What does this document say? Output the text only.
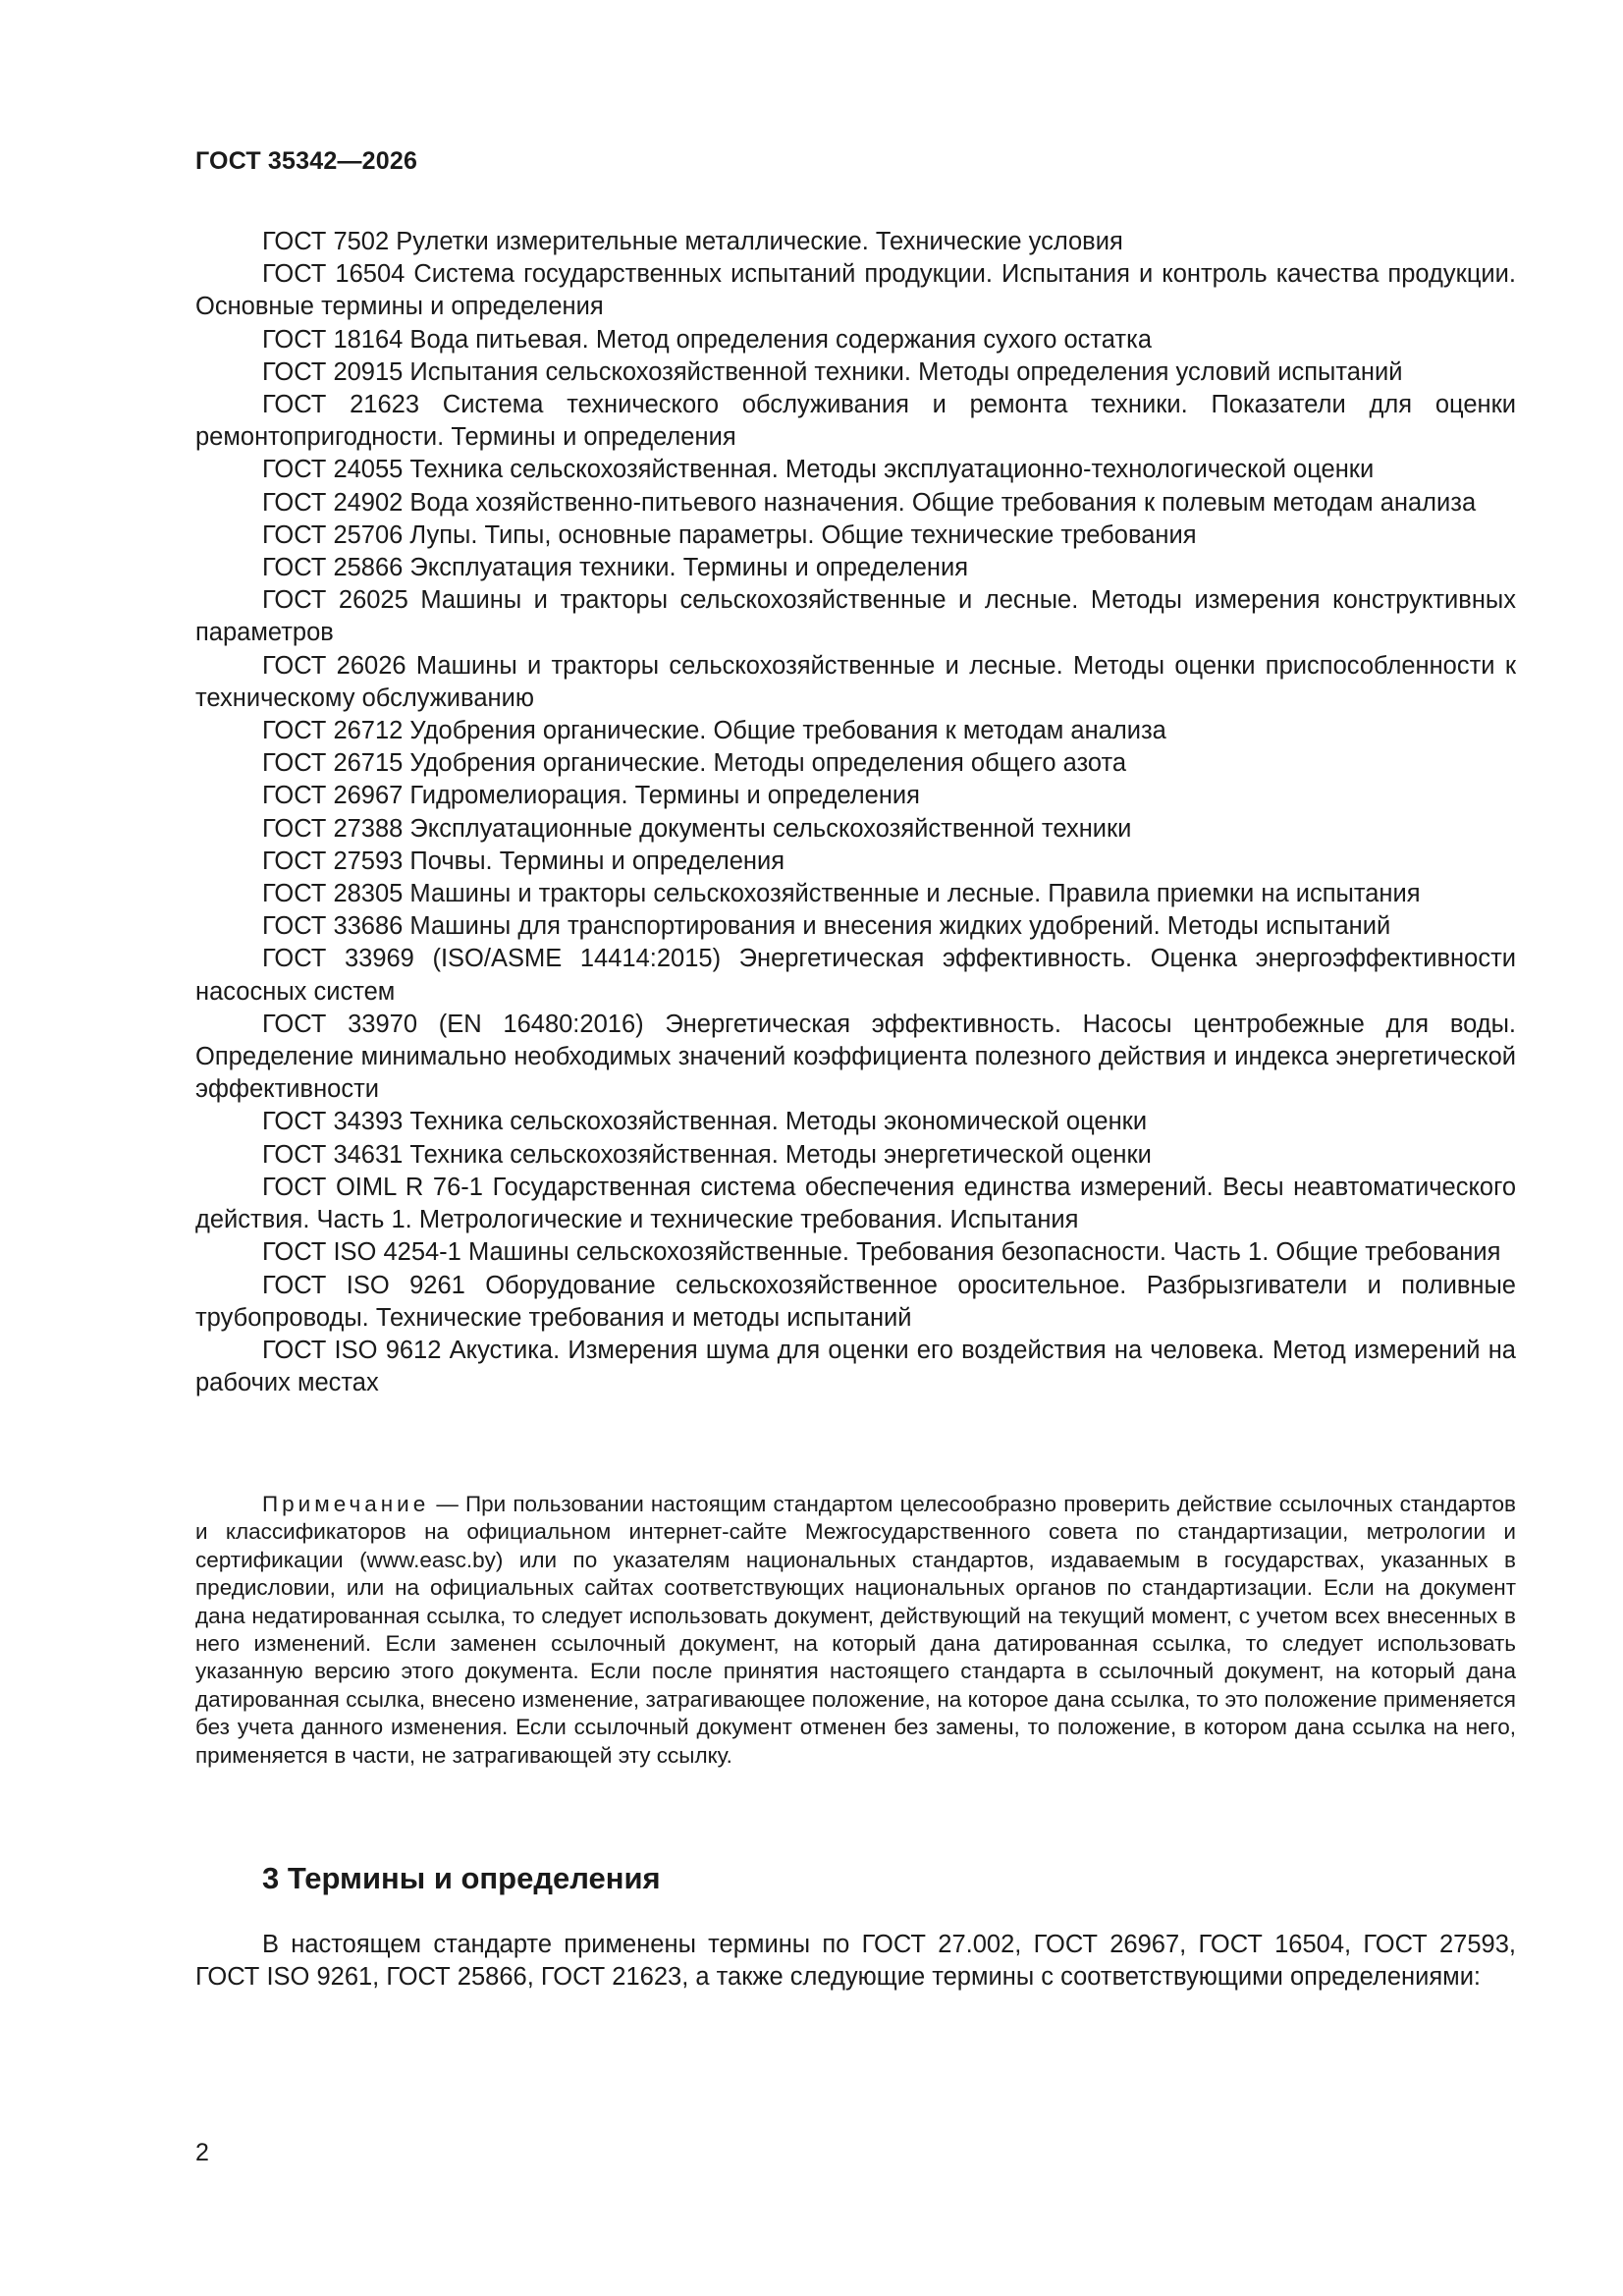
ГОСТ 35342—2026

ГОСТ 7502 Рулетки измерительные металлические. Технические условия

ГОСТ 16504 Система государственных испытаний продукции. Испытания и контроль качества продукции. Основные термины и определения

ГОСТ 18164 Вода питьевая. Метод определения содержания сухого остатка

ГОСТ 20915 Испытания сельскохозяйственной техники. Методы определения условий испытаний

ГОСТ 21623 Система технического обслуживания и ремонта техники. Показатели для оценки ремонтопригодности. Термины и определения

ГОСТ 24055 Техника сельскохозяйственная. Методы эксплуатационно-технологической оценки

ГОСТ 24902 Вода хозяйственно-питьевого назначения. Общие требования к полевым методам анализа

ГОСТ 25706 Лупы. Типы, основные параметры. Общие технические требования

ГОСТ 25866 Эксплуатация техники. Термины и определения

ГОСТ 26025 Машины и тракторы сельскохозяйственные и лесные. Методы измерения конструктивных параметров

ГОСТ 26026 Машины и тракторы сельскохозяйственные и лесные. Методы оценки приспособленности к техническому обслуживанию

ГОСТ 26712 Удобрения органические. Общие требования к методам анализа

ГОСТ 26715 Удобрения органические. Методы определения общего азота

ГОСТ 26967 Гидромелиорация. Термины и определения

ГОСТ 27388 Эксплуатационные документы сельскохозяйственной техники

ГОСТ 27593 Почвы. Термины и определения

ГОСТ 28305 Машины и тракторы сельскохозяйственные и лесные. Правила приемки на испытания

ГОСТ 33686 Машины для транспортирования и внесения жидких удобрений. Методы испытаний

ГОСТ 33969 (ISO/ASME 14414:2015) Энергетическая эффективность. Оценка энергоэффективности насосных систем

ГОСТ 33970 (EN 16480:2016) Энергетическая эффективность. Насосы центробежные для воды. Определение минимально необходимых значений коэффициента полезного действия и индекса энергетической эффективности

ГОСТ 34393 Техника сельскохозяйственная. Методы экономической оценки

ГОСТ 34631 Техника сельскохозяйственная. Методы энергетической оценки

ГОСТ OIML R 76-1 Государственная система обеспечения единства измерений. Весы неавтоматического действия. Часть 1. Метрологические и технические требования. Испытания

ГОСТ ISO 4254-1 Машины сельскохозяйственные. Требования безопасности. Часть 1. Общие требования

ГОСТ ISO 9261 Оборудование сельскохозяйственное оросительное. Разбрызгиватели и поливные трубопроводы. Технические требования и методы испытаний

ГОСТ ISO 9612 Акустика. Измерения шума для оценки его воздействия на человека. Метод измерений на рабочих местах

Примечание — При пользовании настоящим стандартом целесообразно проверить действие ссылочных стандартов и классификаторов на официальном интернет-сайте Межгосударственного совета по стандартизации, метрологии и сертификации (www.easc.by) или по указателям национальных стандартов, издаваемым в государствах, указанных в предисловии, или на официальных сайтах соответствующих национальных органов по стандартизации. Если на документ дана недатированная ссылка, то следует использовать документ, действующий на текущий момент, с учетом всех внесенных в него изменений. Если заменен ссылочный документ, на который дана датированная ссылка, то следует использовать указанную версию этого документа. Если после принятия настоящего стандарта в ссылочный документ, на который дана датированная ссылка, внесено изменение, затрагивающее положение, на которое дана ссылка, то это положение применяется без учета данного изменения. Если ссылочный документ отменен без замены, то положение, в котором дана ссылка на него, применяется в части, не затрагивающей эту ссылку.

3 Термины и определения

В настоящем стандарте применены термины по ГОСТ 27.002, ГОСТ 26967, ГОСТ 16504, ГОСТ 27593, ГОСТ ISO 9261, ГОСТ 25866, ГОСТ 21623, а также следующие термины с соответствующими определениями:

2
